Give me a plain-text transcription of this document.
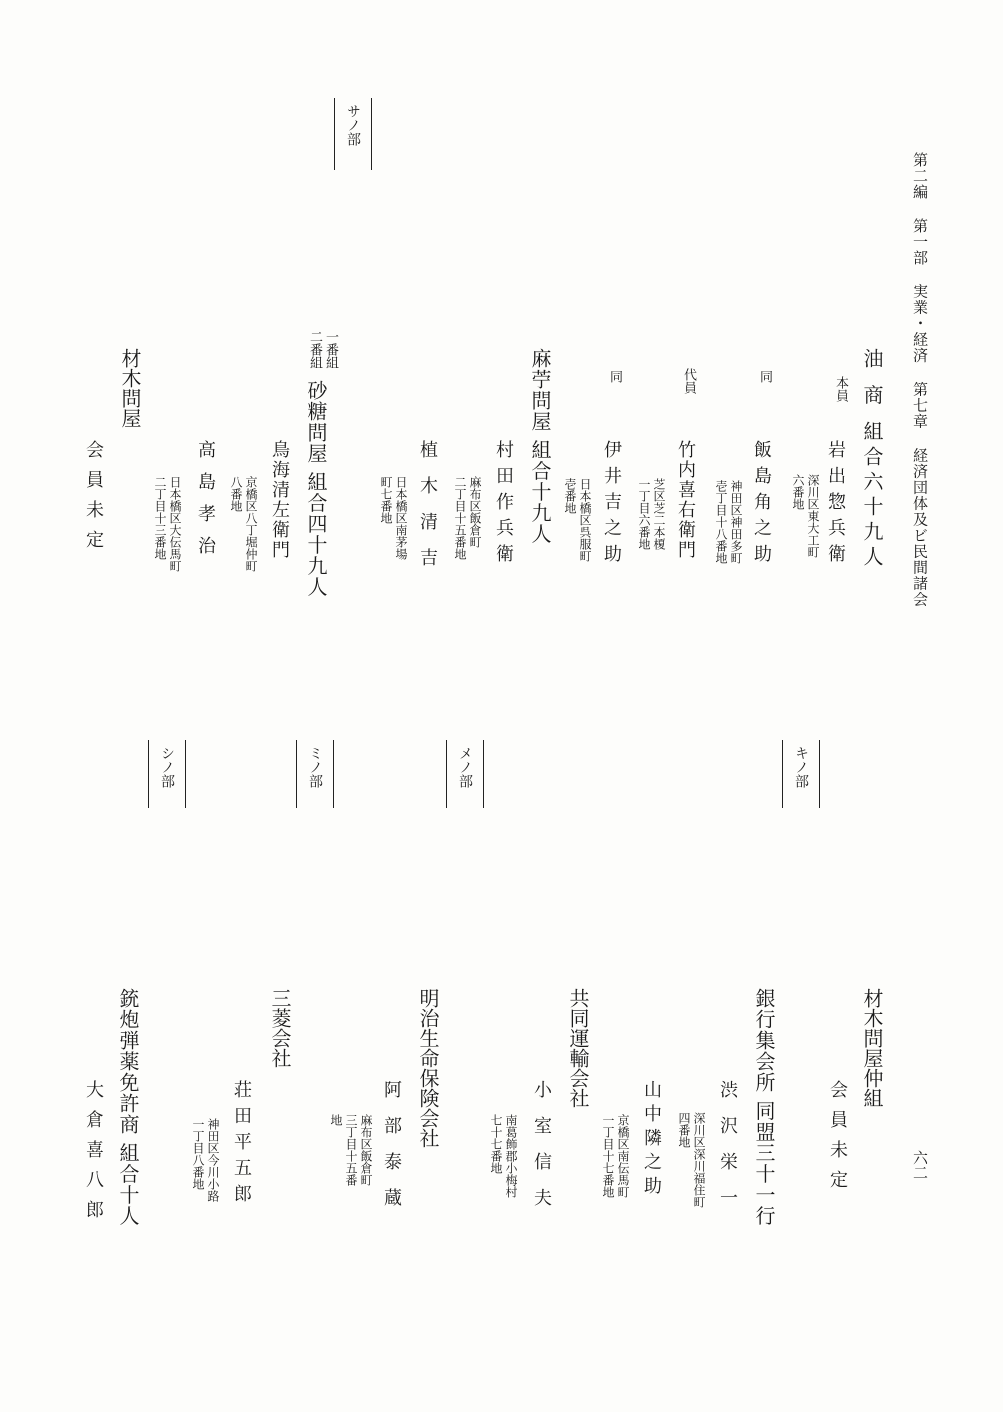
第二編 第一部 実業・経済 第七章 経済団体及ビ民間諸会
六二
油 商 組合六十九人
本員
岩出惣兵衛
深川区東大工町
六番地
同
飯島角之助
神田区神田多町
壱丁目十八番地
代員
竹内喜右衛門
芝区芝二本榎
一丁目六番地
同
伊井吉之助
日本橋区呉服町
壱番地
麻苧問屋 組合十九人
村田作兵衛
麻布区飯倉町
二丁目十五番地
植木清吉
日本橋区南茅場
町七番地
一番組
二番組
砂糖問屋 組合四十九人
鳥海清左衛門
京橋区八丁堀仲町
八番地
高島孝治
日本橋区大伝馬町
二丁目十三番地
材木問屋
会員未定
サノ部
キノ部
メノ部
ミノ部
シノ部
材木問屋仲組
会員未定
銀行集会所 同盟三十一行
渋沢栄一
深川区深川福住町
四番地
山中隣之助
京橋区南伝馬町
一丁目十七番地
共同運輸会社
小室信夫
南葛飾郡小梅村
七十七番地
明治生命保険会社
阿部泰蔵
麻布区飯倉町
三丁目十五番
地
三菱会社
荘田平五郎
神田区今川小路
一丁目八番地
銃炮弾薬免許商 組合十人
大倉喜八郎
